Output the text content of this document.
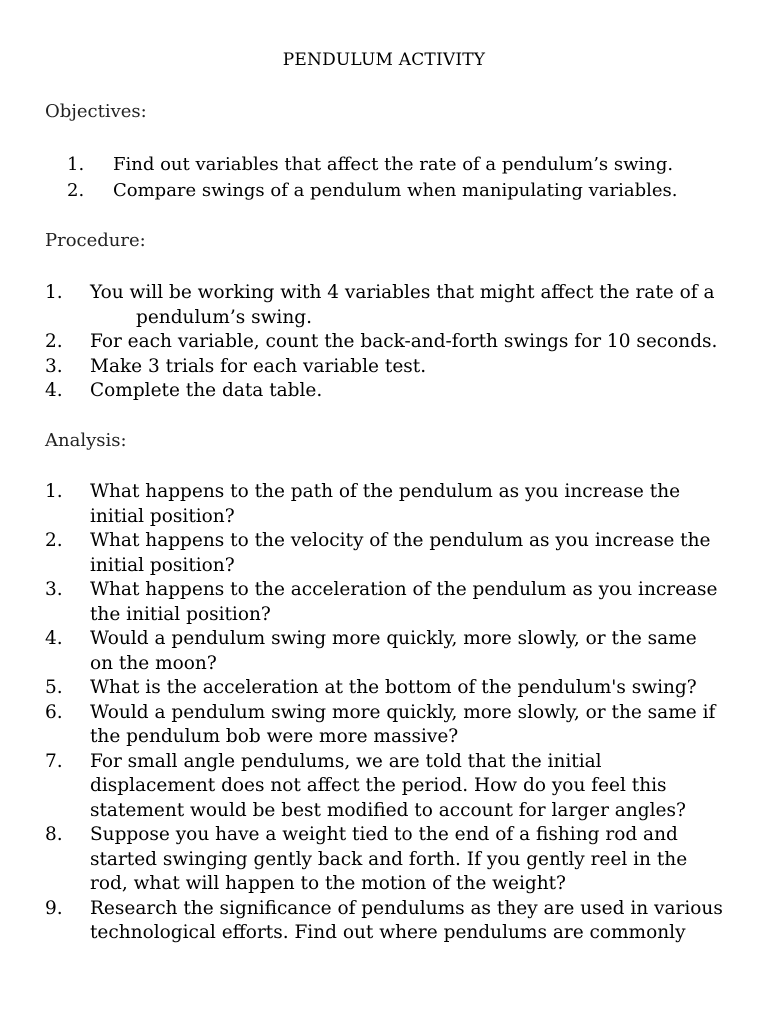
PENDULUM ACTIVITY
Objectives:
1.	Find out variables that affect the rate of a pendulum’s swing.
2.	Compare swings of a pendulum when manipulating variables.
Procedure:
1.	You will be working with 4 variables that might affect the rate of a
pendulum’s swing.
2.	For each variable, count the back-and-forth swings for 10 seconds.
3.	Make 3 trials for each variable test.
4.	Complete the data table.
Analysis:
1.	What happens to the path of the pendulum as you increase the initial position?
2.	What happens to the velocity of the pendulum as you increase the initial position?
3.	What happens to the acceleration of the pendulum as you increase the initial position?
4.	Would a pendulum swing more quickly, more slowly, or the same on the moon?
5.	What is the acceleration at the bottom of the pendulum's swing?
6.	Would a pendulum swing more quickly, more slowly, or the same if the pendulum bob were more massive?
7.	For small angle pendulums, we are told that the initial displacement does not affect the period. How do you feel this statement would be best modified to account for larger angles?
8.	Suppose you have a weight tied to the end of a fishing rod and started swinging gently back and forth. If you gently reel in the rod, what will happen to the motion of the weight?
9.	Research the significance of pendulums as they are used in various technological efforts. Find out where pendulums are commonly
